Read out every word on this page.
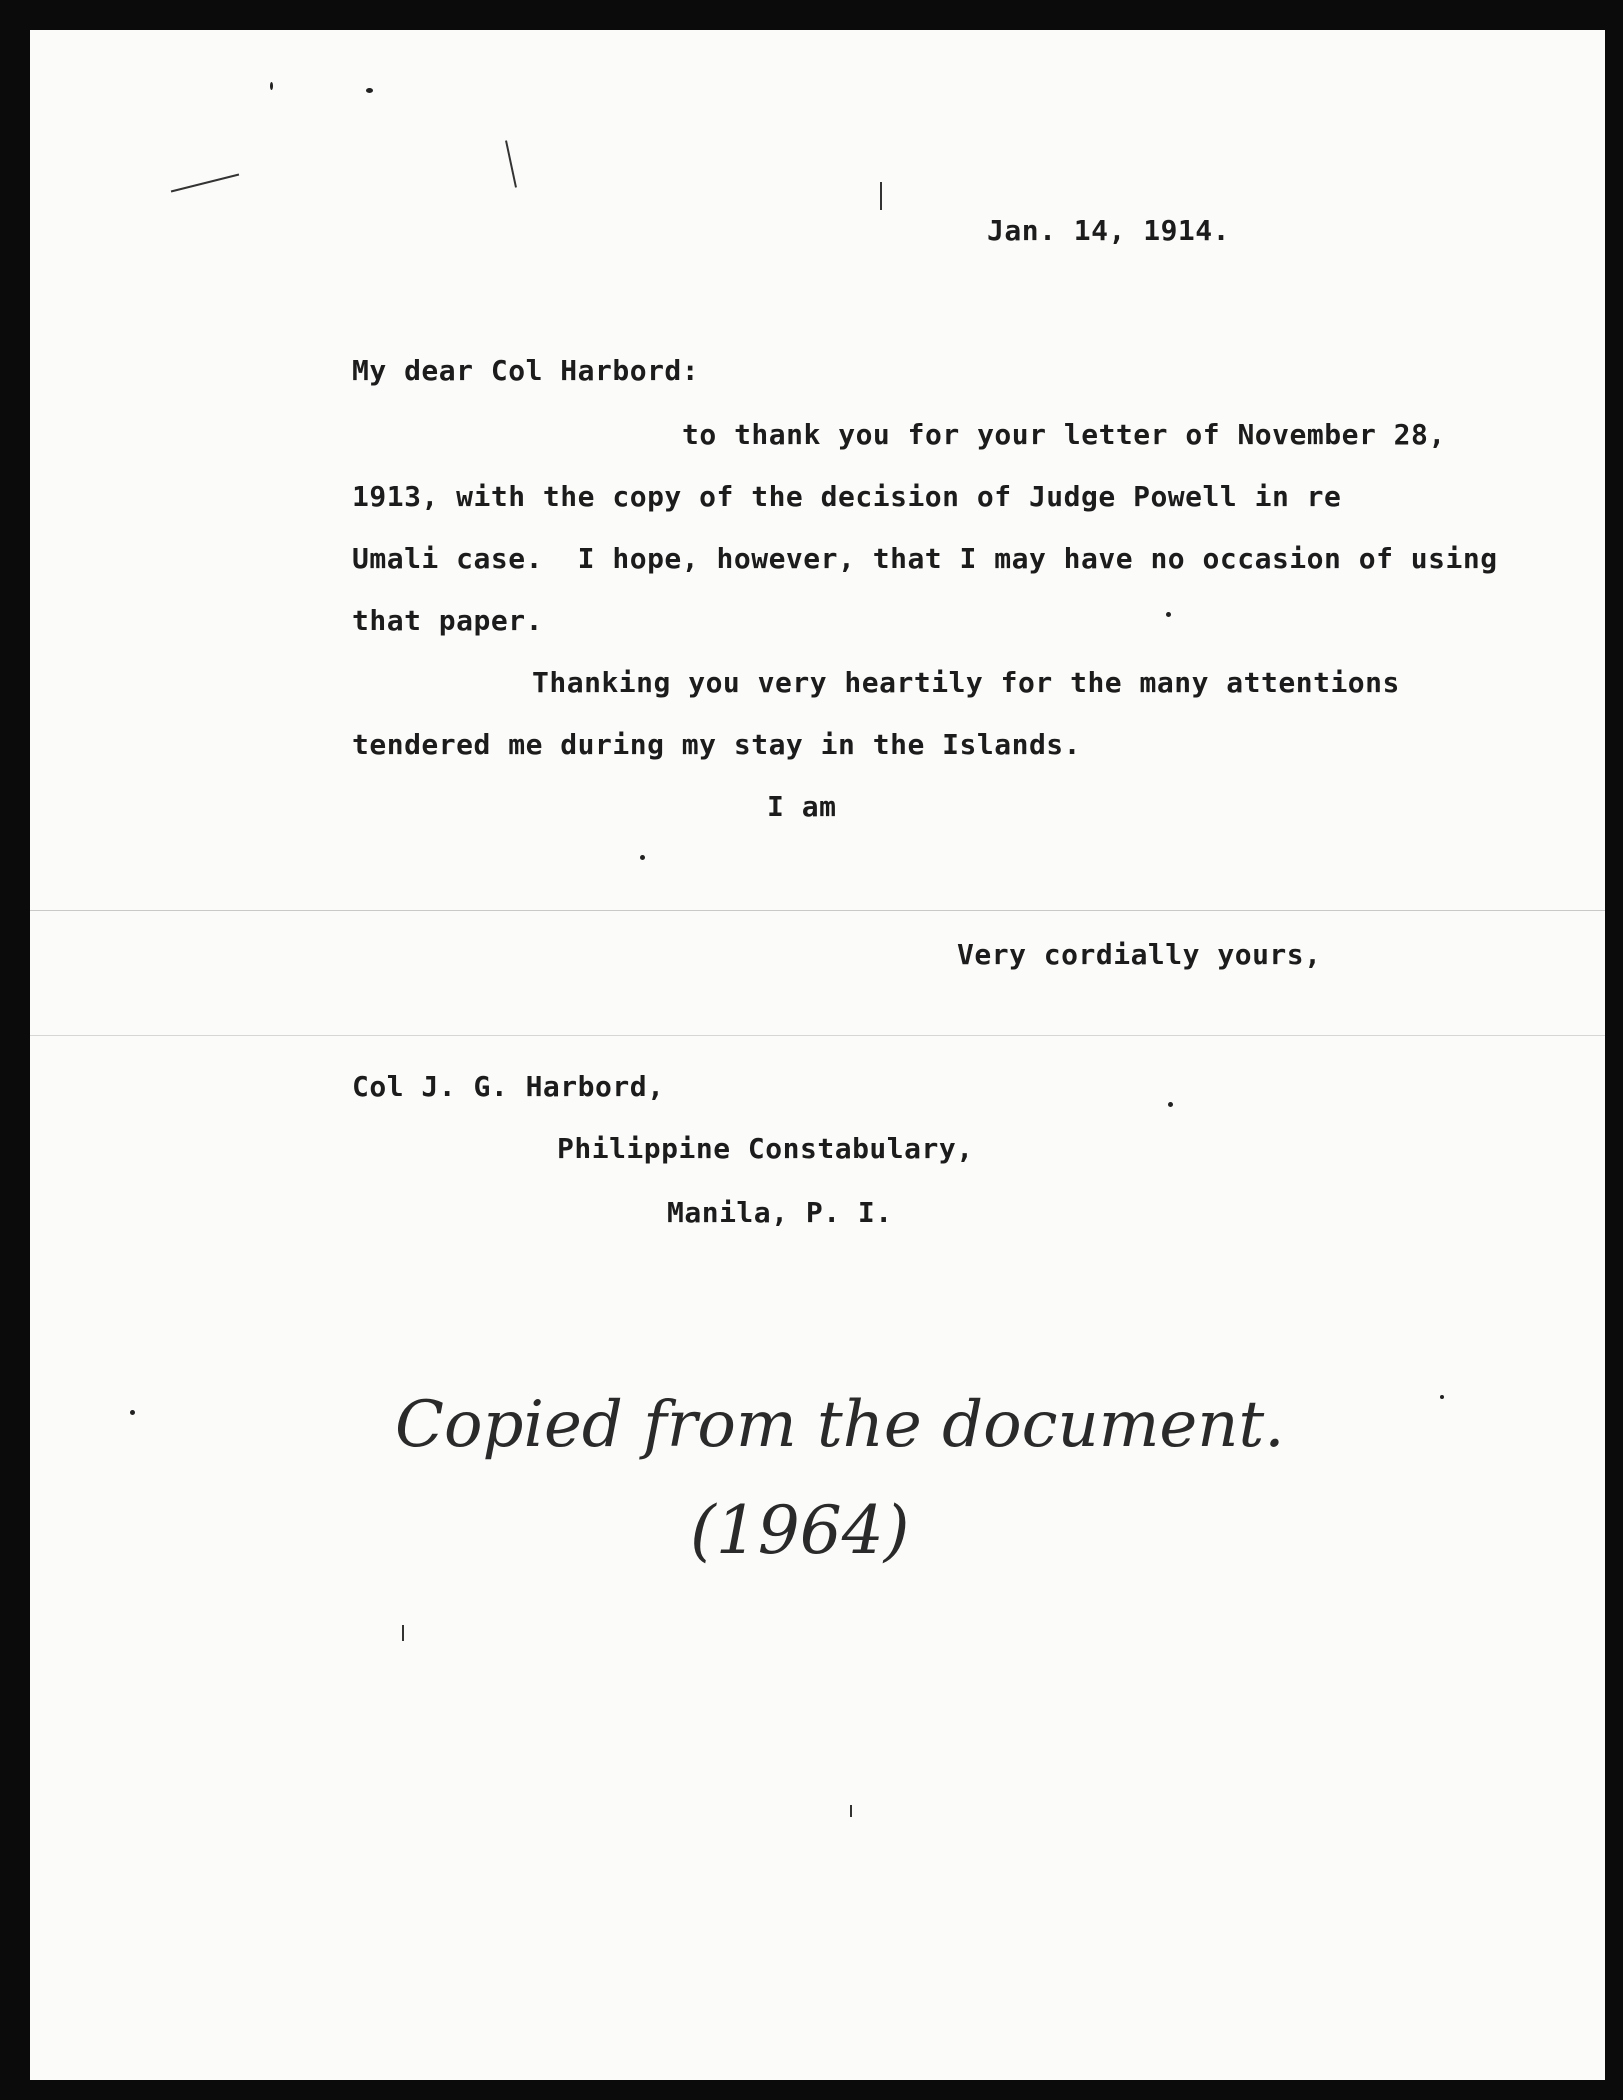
Jan. 14, 1914.

My dear Col Harbord:

to thank you for your letter of November 28,

1913, with the copy of the decision of Judge Powell in re

Umali case.  I hope, however, that I may have no occasion of using

that paper.

Thanking you very heartily for the many attentions

tendered me during my stay in the Islands.

I am

Very cordially yours,

Col J. G. Harbord,

Philippine Constabulary,

Manila, P. I.

Copied from the document.
(1964)
